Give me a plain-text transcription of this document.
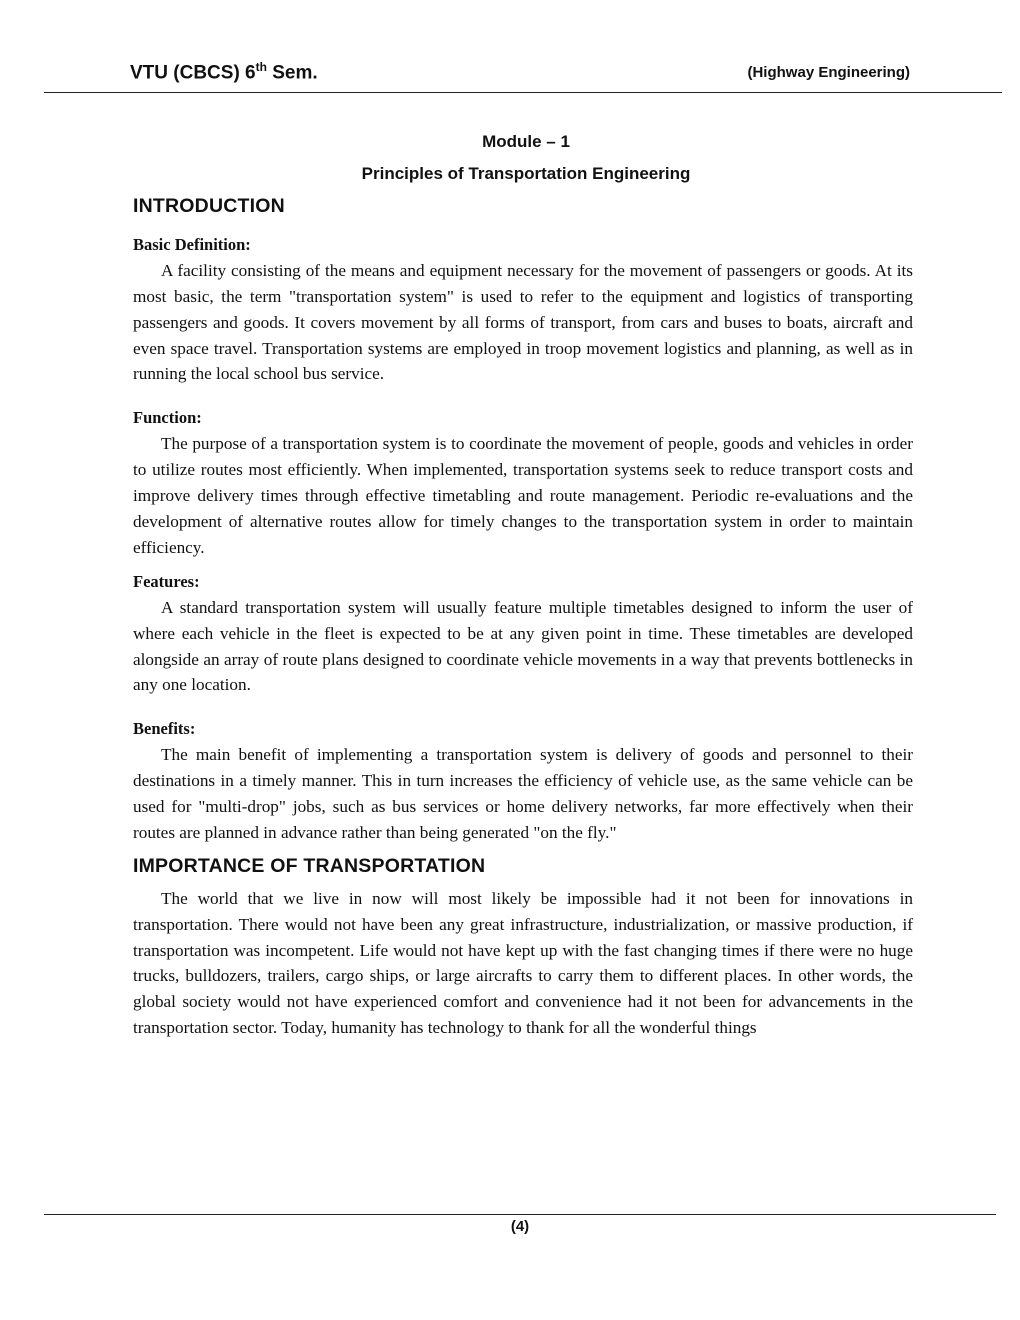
VTU (CBCS) 6th Sem.	(Highway Engineering)
Module – 1
Principles of Transportation Engineering
INTRODUCTION
Basic Definition:

A facility consisting of the means and equipment necessary for the movement of passengers or goods. At its most basic, the term "transportation system" is used to refer to the equipment and logistics of transporting passengers and goods. It covers movement by all forms of transport, from cars and buses to boats, aircraft and even space travel. Transportation systems are employed in troop movement logistics and planning, as well as in running the local school bus service.

Function:

The purpose of a transportation system is to coordinate the movement of people, goods and vehicles in order to utilize routes most efficiently. When implemented, transportation systems seek to reduce transport costs and improve delivery times through effective timetabling and route management. Periodic re-evaluations and the development of alternative routes allow for timely changes to the transportation system in order to maintain efficiency.

Features:

A standard transportation system will usually feature multiple timetables designed to inform the user of where each vehicle in the fleet is expected to be at any given point in time. These timetables are developed alongside an array of route plans designed to coordinate vehicle movements in a way that prevents bottlenecks in any one location.

Benefits:

The main benefit of implementing a transportation system is delivery of goods and personnel to their destinations in a timely manner. This in turn increases the efficiency of vehicle use, as the same vehicle can be used for "multi-drop" jobs, such as bus services or home delivery networks, far more effectively when their routes are planned in advance rather than being generated "on the fly."

IMPORTANCE OF TRANSPORTATION

The world that we live in now will most likely be impossible had it not been for innovations in transportation. There would not have been any great infrastructure, industrialization, or massive production, if transportation was incompetent. Life would not have kept up with the fast changing times if there were no huge trucks, bulldozers, trailers, cargo ships, or large aircrafts to carry them to different places. In other words, the global society would not have experienced comfort and convenience had it not been for advancements in the transportation sector. Today, humanity has technology to thank for all the wonderful things

(4)
